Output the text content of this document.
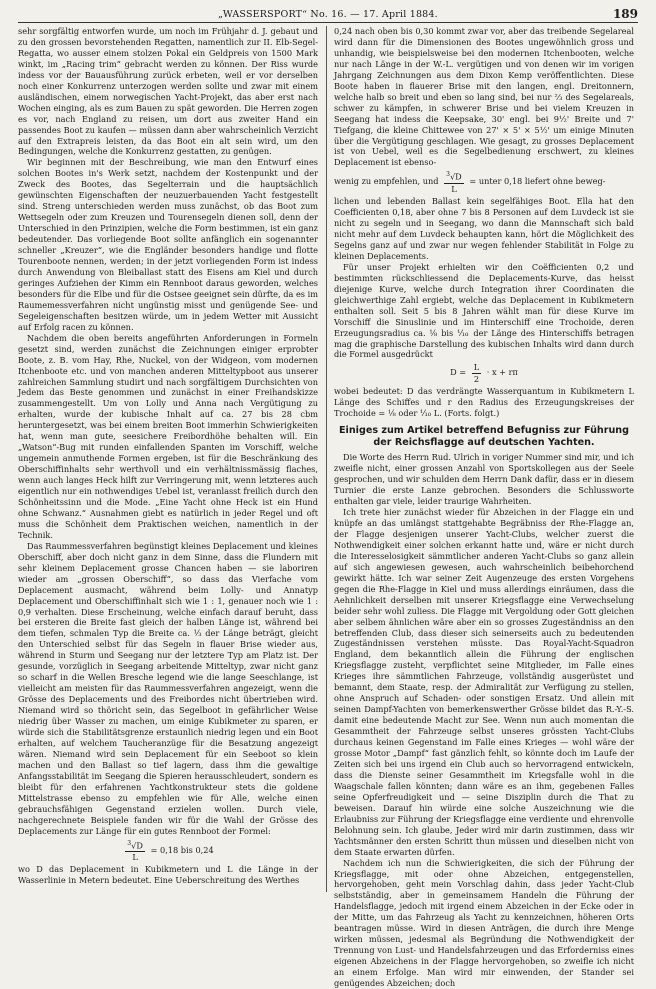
„WASSERSPORT“ No. 16. — 17. April 1884.	189

sehr sorgfältig entworfen wurde, um noch im Frühjahr d. J. gebaut und zu den grossen bevorstehenden Regatten, namentlich zur II. Elb-Segel-Regatta, wo ausser einem stolzen Pokal ein Geldpreis von 1500 Mark winkt, im „Racing trim“ gebracht werden zu können. Der Riss wurde indess vor der Bauausführung zurück erbeten, weil er vor derselben noch einer Konkurrenz unterzogen werden sollte und zwar mit einem ausländischen, einem norwegischen Yacht-Projekt, das aber erst nach Wochen einging, als es zum Bauen zu spät geworden. Die Herren zogen es vor, nach England zu reisen, um dort aus zweiter Hand ein passendes Boot zu kaufen — müssen dann aber wahrscheinlich Verzicht auf den Extrapreis leisten, da das Boot ein alt sein wird, um den Bedingungen, welche die Konkurrenz gestatten, zu genügen.

Wir beginnen mit der Beschreibung, wie man den Entwurf eines solchen Bootes in's Werk setzt, nachdem der Kostenpunkt und der Zweck des Bootes, das Segelterrain und die hauptsächlich gewünschten Eigenschaften der neuzuerbauenden Yacht festgestellt sind. Streng unterschieden werden muss zunächst, ob das Boot zum Wettsegeln oder zum Kreuzen und Tourensegeln dienen soll, denn der Unterschied in den Prinzipien, welche die Form bestimmen, ist ein ganz bedeutender. Das vorliegende Boot sollte anfänglich ein sogenannter schneller „Kreuzer“, wie die Engländer besonders handige und flotte Tourenboote nennen, werden; in der jetzt vorliegenden Form ist indess durch Anwendung von Bleiballast statt des Eisens am Kiel und durch geringes Aufziehen der Kimm ein Rennboot daraus geworden, welches besonders für die Elbe und für die Ostsee geeignet sein dürfte, da es im Raumemessverfahren nicht ungünstig misst und genügende See- und Segeleigenschaften besitzen würde, um in jedem Wetter mit Aussicht auf Erfolg racen zu können.

Nachdem die oben bereits angeführten Anforderungen in Formeln gesetzt sind, werden zunächst die Zeichnungen einiger erprobter Boote, z. B. vom Hay, Rhe, Nuckel, von der Widgeon, vom modernen Itchenboote etc. und von manchen anderen Mitteltypboot aus unserer zahlreichen Sammlung studirt und nach sorgfältigem Durchsichten von Jedem das Beste genommen und zunächst in einer Freihandskizze zusammengestellt. Um von Lolly und Anna nach Vergütigung zu erhalten, wurde der kubische Inhalt auf ca. 27 bis 28 cbm heruntergesetzt, was bei einem breiten Boot immerhin Schwierigkeiten hat, wenn man gute, seesichere Freibordhöhe behalten will. Ein „Watson“-Bug mit runden einfallenden Spanten im Vorschiff, welche ungemein anmuthende Formen ergeben, ist für die Beschränkung des Oberschiffinhalts sehr werthvoll und ein verhältnissmässig flaches, wenn auch langes Heck hilft zur Verringerung mit, wenn letzteres auch eigentlich nur ein nothwendiges Uebel ist, veranlasst freilich durch den Schönheitssinn und die Mode. „Eine Yacht ohne Heck ist ein Hund ohne Schwanz.“ Ausnahmen giebt es natürlich in jeder Regel und oft muss die Schönheit dem Praktischen weichen, namentlich in der Technik.

Das Raummessverfahren begünstigt kleines Deplacement und kleines Oberschiff, aber doch nicht ganz in dem Sinne, dass die Flundern mit sehr kleinem Deplacement grosse Chancen haben — sie laboriren wieder am „grossen Oberschiff“, so dass das Vierfache vom Deplacement ausmacht, während beim Lolly- und Annatyp Deplacement und Oberschiffinhalt sich wie 1 : 1, genauer noch wie 1 : 0,9 verhalten. Diese Erscheinung, welche einfach darauf beruht, dass bei ersteren die Breite fast gleich der halben Länge ist, während bei dem tiefen, schmalen Typ die Breite ca. ⅓ der Länge beträgt, gleicht den Unterschied selbst für das Segeln in flauer Brise wieder aus, während in Sturm und Seegang nur der letztere Typ am Platz ist. Der gesunde, vorzüglich in Seegang arbeitende Mitteltyp, zwar nicht ganz so scharf in die Wellen Bresche legend wie die lange Seeschlange, ist vielleicht am meisten für das Raummessverfahren angezeigt, wenn die Grösse des Deplacements und des Freibordes nicht übertrieben wird. Niemand wird so thöricht sein, das Segelboot in gefährlicher Weise niedrig über Wasser zu machen, um einige Kubikmeter zu sparen, er würde sich die Stabilitätsgrenze erstaunlich niedrig legen und ein Boot erhalten, auf welchem Taucheranzüge für die Besatzung angezeigt wären. Niemand wird sein Deplacement für ein Seeboot so klein machen und den Ballast so tief lagern, dass ihm die gewaltige Anfangsstabilität im Seegang die Spieren herausschleudert, sondern es bleibt für den erfahrenen Yachtkonstrukteur stets die goldene Mittelstrasse ebenso zu empfehlen wie für Alle, welche einen gebrauchsfähigen Gegenstand erzielen wollen. Durch viele, nachgerechnete Beispiele fanden wir für die Wahl der Grösse des Deplacements zur Länge für ein gutes Rennboot der Formel:

$\frac{^3√D}{L} = 0,18$ bis 0,24

wo D das Deplacement in Kubikmetern und L die Länge in der Wasserlinie in Metern bedeutet. Eine Ueberschreitung des Werthes

0,24 nach oben bis 0,30 kommt zwar vor, aber das treibende Segelareal wird dann für die Dimensionen des Bootes ungewöhnlich gross und unhandig, wie beispielsweise bei den modernen Itchenbooten, welche nur nach Länge in der W.-L. vergütigen und von denen wir im vorigen Jahrgang Zeichnungen aus dem Dixon Kemp veröffentlichten. Diese Boote haben in flauerer Brise mit den langen, engl. Dreitonnern, welche halb so breit und eben so lang sind, bei nur ⅔ des Segelareals, schwer zu kämpfen, in schwerer Brise und bei vielem Kreuzen in Seegang hat indess die Keepsake, 30' engl. bei 9½' Breite und 7' Tiefgang, die kleine Chittewee von 27' × 5' × 5½' um einige Minuten über die Vergütigung geschlagen. Wie gesagt, zu grosses Deplacement ist von Uebel, weil es die Segelbedienung erschwert, zu kleines Deplacement ist ebenso-

wenig zu empfehlen, und $\frac{^3√D}{L}$ = unter 0,18 liefert ohne beweg-

lichen und lebenden Ballast kein segelfähiges Boot. Ella hat den Coefficienten 0,18, aber ohne 7 bis 8 Personen auf dem Luvdeck ist sie nicht zu segeln und in Seegang, wo dann die Mannschaft sich bald nicht mehr auf dem Luvdeck behaupten kann, hört die Möglichkeit des Segelns ganz auf und zwar nur wegen fehlender Stabilität in Folge zu kleinen Deplacements.

Für unser Projekt erhielten wir den Coëfficienten 0,2 und bestimmten rückschliessend die Deplacements-Kurve, das heisst diejenige Kurve, welche durch Integration ihrer Coordinaten die gleichwerthige Zahl ergiebt, welche das Deplacement in Kubikmetern enthalten soll. Seit 5 bis 8 Jahren wählt man für diese Kurve im Vorschiff die Sinuslinie und im Hinterschiff eine Trochoide, deren Erzeugungsradius ca. ⅛ bis ⅒ der Länge des Hinterschiffs betragen mag die graphische Darstellung des kubischen Inhalts wird dann durch die Formel ausgedrückt

$D = \frac{L}{2} \cdot x + r\pi$

wobei bedeutet: D das verdrängte Wasserquantum in Kubikmetern L Länge des Schiffes und r den Radius des Erzeugungskreises der Trochoide = ⅛ oder ⅒ L. (Forts. folgt.)

Einiges zum Artikel betreffend Befugniss zur Führung der Reichsflagge auf deutschen Yachten.

Die Worte des Herrn Rud. Ulrich in voriger Nummer sind mir, und ich zweifle nicht, einer grossen Anzahl von Sportskollegen aus der Seele gesprochen, und wir schulden dem Herrn Dank dafür, dass er in diesem Turnier die erste Lanze gebrochen. Besonders die Schlussworte enthalten gar viele, leider traurige Wahrheiten.

Ich trete hier zunächst wieder für Abzeichen in der Flagge ein und knüpfe an das umlängst stattgehabte Begräbniss der Rhe-Flagge an, der Flagge desjenigen unserer Yacht-Clubs, welcher zuerst die Nothwendigkeit einer solchen erkannt hatte und, wäre er nicht durch die Interesselosigkeit sämmtlicher anderen Yacht-Clubs so ganz allein auf sich angewiesen gewesen, auch wahrscheinlich beibehorchend gewirkt hätte. Ich war seiner Zeit Augenzeuge des ersten Vorgehens gegen die Rhe-Flagge in Kiel und muss allerdings einräumen, dass die Aehnlichkeit derselben mit unserer Kriegsflagge eine Verwechselung beider sehr wohl zuliess. Die Flagge mit Vergoldung oder Gott gleichen aber selbem ähnlichen wäre aber ein so grosses Zugeständniss an den betreffenden Club, dass dieser sich seinerseits auch zu bedeutenden Zugeständnissen verstehen müsste. Das Royal-Yacht-Squadron England, dem bekanntlich allein die Führung der englischen Kriegsflagge zusteht, verpflichtet seine Mitglieder, im Falle eines Krieges ihre sämmtlichen Fahrzeuge, vollständig ausgerüstet und bemannt, dem Staate, resp. der Admiralität zur Verfügung zu stellen, ohne Anspruch auf Schaden- oder sonstigen Ersatz. Und allein mit seinen Dampf-Yachten von bemerkenswerther Grösse bildet das R.-Y.-S. damit eine bedeutende Macht zur See. Wenn nun auch momentan die Gesammtheit der Fahrzeuge selbst unseres grössten Yacht-Clubs durchaus keinen Gegenstand im Falle eines Krieges — wohl wäre der grosse Motor „Dampf“ fast gänzlich fehlt, so könnte doch im Laufe der Zeiten sich bei uns irgend ein Club auch so hervorragend entwickeln, dass die Dienste seiner Gesammtheit im Kriegsfalle wohl in die Waagschale fallen könnten; dann wäre es an ihm, gegebenen Falles seine Opferfreudigkeit und — seine Disziplin durch die That zu beweisen. Darauf hin würde eine solche Auszeichnung wie die Erlaubniss zur Führung der Kriegsflagge eine verdiente und ehrenvolle Belohnung sein. Ich glaube, Jeder wird mir darin zustimmen, dass wir Yachtsmänner den ersten Schritt thun müssen und dieselben nicht von dem Staate erwarten dürfen.

Nachdem ich nun die Schwierigkeiten, die sich der Führung der Kriegsflagge, mit oder ohne Abzeichen, entgegenstellen, hervorgehoben, geht mein Vorschlag dahin, dass jeder Yacht-Club selbstständig, aber in gemeinsamem Handeln die Führung der Handelsflagge, jedoch mit irgend einem Abzeichen in der Ecke oder in der Mitte, um das Fahrzeug als Yacht zu kennzeichnen, höheren Orts beantragen müsse. Wird in diesen Anträgen, die durch ihre Menge wirken müssen, jedesmal als Begründung die Nothwendigkeit der Trennung von Lust- und Handelsfahrzeugen und das Erforderniss eines eigenen Abzeichens in der Flagge hervorgehoben, so zweifle ich nicht an einem Erfolge. Man wird mir einwenden, der Stander sei genügendes Abzeichen; doch
